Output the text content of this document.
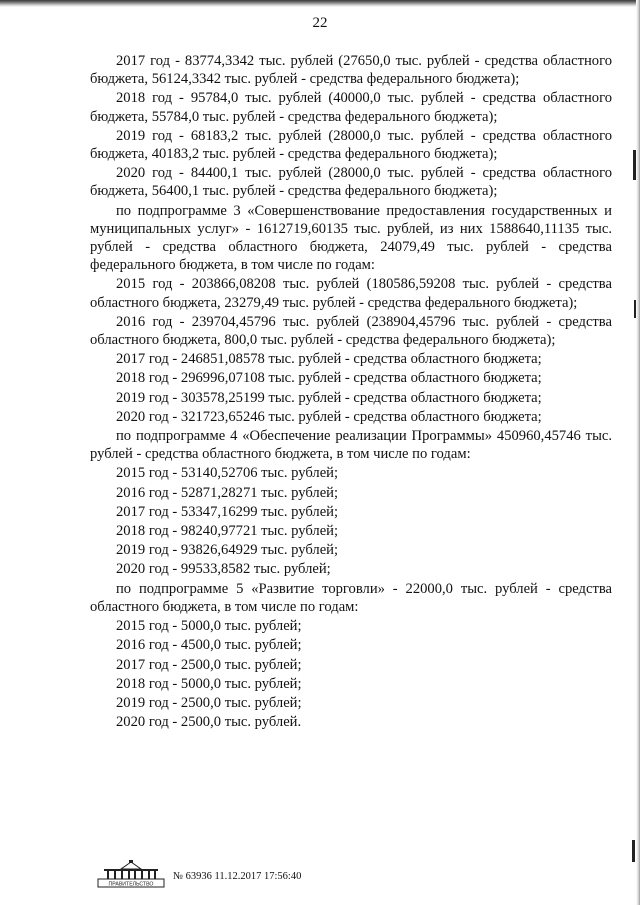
22

2017 год - 83774,3342 тыс. рублей (27650,0 тыс. рублей - средства областного бюджета, 56124,3342 тыс. рублей - средства федерального бюджета);

2018 год - 95784,0 тыс. рублей (40000,0 тыс. рублей - средства областного бюджета, 55784,0 тыс. рублей - средства федерального бюджета);

2019 год - 68183,2 тыс. рублей (28000,0 тыс. рублей - средства областного бюджета, 40183,2 тыс. рублей - средства федерального бюджета);

2020 год - 84400,1 тыс. рублей (28000,0 тыс. рублей - средства областного бюджета, 56400,1 тыс. рублей - средства федерального бюджета);

по подпрограмме 3 «Совершенствование предоставления государственных и муниципальных услуг» - 1612719,60135 тыс. рублей, из них 1588640,11135 тыс. рублей - средства областного бюджета, 24079,49 тыс. рублей - средства федерального бюджета, в том числе по годам:

2015 год - 203866,08208 тыс. рублей (180586,59208 тыс. рублей - средства областного бюджета, 23279,49 тыс. рублей - средства федерального бюджета);

2016 год - 239704,45796 тыс. рублей (238904,45796 тыс. рублей - средства областного бюджета, 800,0 тыс. рублей - средства федерального бюджета);

2017 год - 246851,08578 тыс. рублей - средства областного бюджета;

2018 год - 296996,07108 тыс. рублей - средства областного бюджета;

2019 год - 303578,25199 тыс. рублей - средства областного бюджета;

2020 год - 321723,65246 тыс. рублей - средства областного бюджета;

по подпрограмме 4 «Обеспечение реализации Программы» 450960,45746 тыс. рублей - средства областного бюджета, в том числе по годам:

2015 год - 53140,52706 тыс. рублей;

2016 год - 52871,28271 тыс. рублей;

2017 год - 53347,16299 тыс. рублей;

2018 год - 98240,97721 тыс. рублей;

2019 год - 93826,64929 тыс. рублей;

2020 год - 99533,8582 тыс. рублей;

по подпрограмме 5 «Развитие торговли» - 22000,0 тыс. рублей - средства областного бюджета, в том числе по годам:

2015 год - 5000,0 тыс. рублей;

2016 год - 4500,0 тыс. рублей;

2017 год - 2500,0 тыс. рублей;

2018 год - 5000,0 тыс. рублей;

2019 год - 2500,0 тыс. рублей;

2020 год - 2500,0 тыс. рублей.

ПРАВИТЕЛЬСТВО
№ 63936 11.12.2017 17:56:40
